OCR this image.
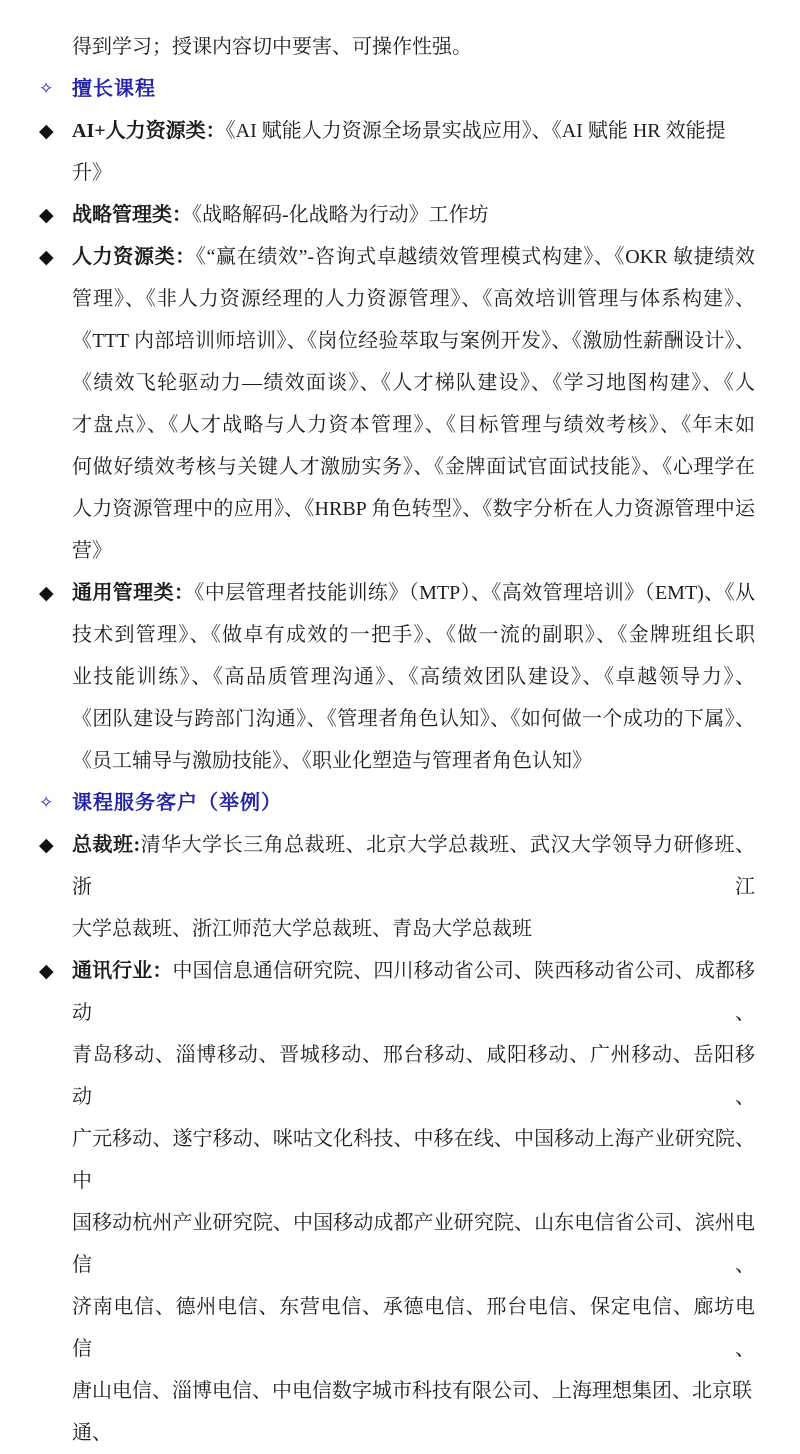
得到学习；授课内容切中要害、可操作性强。
✧ 擅长课程
◆ AI+人力资源类：《AI 赋能人力资源全场景实战应用》、《AI 赋能 HR 效能提升》
◆ 战略管理类：《战略解码-化战略为行动》工作坊
◆ 人力资源类：《“赢在绩效”-咨询式卓越绩效管理模式构建》、《OKR 敏捷绩效
管理》、《非人力资源经理的人力资源管理》、《高效培训管理与体系构建》、
《TTT 内部培训师培训》、《岗位经验萃取与案例开发》、《激励性薪酬设计》、
《绩效飞轮驱动力—绩效面谈》、《人才梯队建设》、《学习地图构建》、《人
才盘点》、《人才战略与人力资本管理》、《目标管理与绩效考核》、《年末如
何做好绩效考核与关键人才激励实务》、《金牌面试官面试技能》、《心理学在
人力资源管理中的应用》、《HRBP 角色转型》、《数字分析在人力资源管理中运
营》
◆ 通用管理类：《中层管理者技能训练》（MTP）、《高效管理培训》（EMT)、《从
技术到管理》、《做卓有成效的一把手》、《做一流的副职》、《金牌班组长职
业技能训练》、《高品质管理沟通》、《高绩效团队建设》、《卓越领导力》、
《团队建设与跨部门沟通》、《管理者角色认知》、《如何做一个成功的下属》、
《员工辅导与激励技能》、《职业化塑造与管理者角色认知》
✧ 课程服务客户（举例）
◆ 总裁班:清华大学长三角总裁班、北京大学总裁班、武汉大学领导力研修班、浙江
大学总裁班、浙江师范大学总裁班、青岛大学总裁班
◆ 通讯行业：中国信息通信研究院、四川移动省公司、陕西移动省公司、成都移动、
青岛移动、淄博移动、晋城移动、邢台移动、咸阳移动、广州移动、岳阳移动、
广元移动、遂宁移动、咪咕文化科技、中移在线、中国移动上海产业研究院、中
国移动杭州产业研究院、中国移动成都产业研究院、山东电信省公司、滨州电信、
济南电信、德州电信、东营电信、承德电信、邢台电信、保定电信、廊坊电信、
唐山电信、淄博电信、中电信数字城市科技有限公司、上海理想集团、北京联通、
